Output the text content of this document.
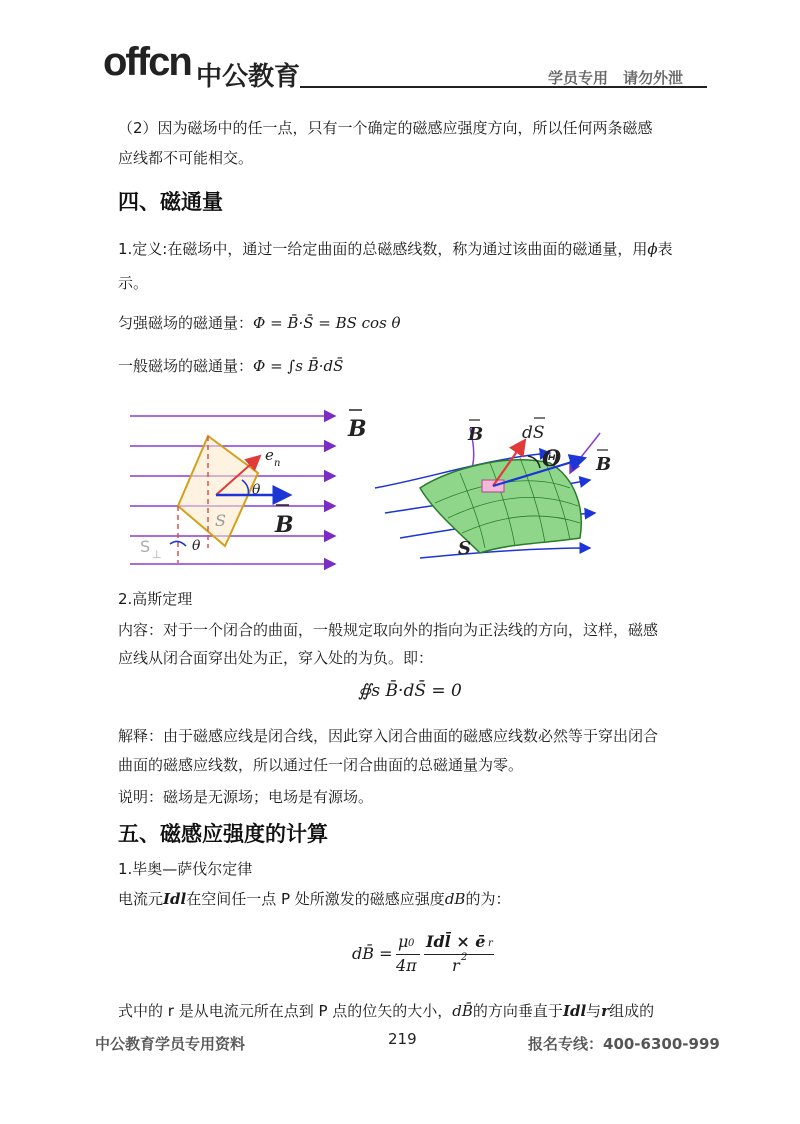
offcn 中公教育	学员专用　请勿外泄
（2）因为磁场中的任一点，只有一个确定的磁感应强度方向，所以任何两条磁感
应线都不可能相交。
四、磁通量
1.定义:在磁场中，通过一给定曲面的总磁感线数，称为通过该曲面的磁通量，用ϕ表
示。
匀强磁场的磁通量：Φ = B̄·S̄ = BS cos θ
一般磁场的磁通量：Φ = ∫s B̄·dS̄
B
e n
θ
S B
S ⊥
θ
B dS
Θ B
S
2.高斯定理
内容：对于一个闭合的曲面，一般规定取向外的指向为正法线的方向，这样，磁感
应线从闭合面穿出处为正，穿入处的为负。即：
∯s B̄·dS̄ = 0
解释：由于磁感应线是闭合线，因此穿入闭合曲面的磁感应线数必然等于穿出闭合
曲面的磁感应线数，所以通过任一闭合曲面的总磁通量为零。
说明：磁场是无源场；电场是有源场。
五、磁感应强度的计算
1.毕奥—萨伐尔定律
电流元Idl在空间任一点 P 处所激发的磁感应强度dB的为：
dB̄ =
μ 0
4π
Idl̄ × ē r
r 2
式中的 r 是从电流元所在点到 P 点的位矢的大小，dB̄的方向垂直于Idl与r组成的
中公教育学员专用资料	219	报名专线：400-6300-999
